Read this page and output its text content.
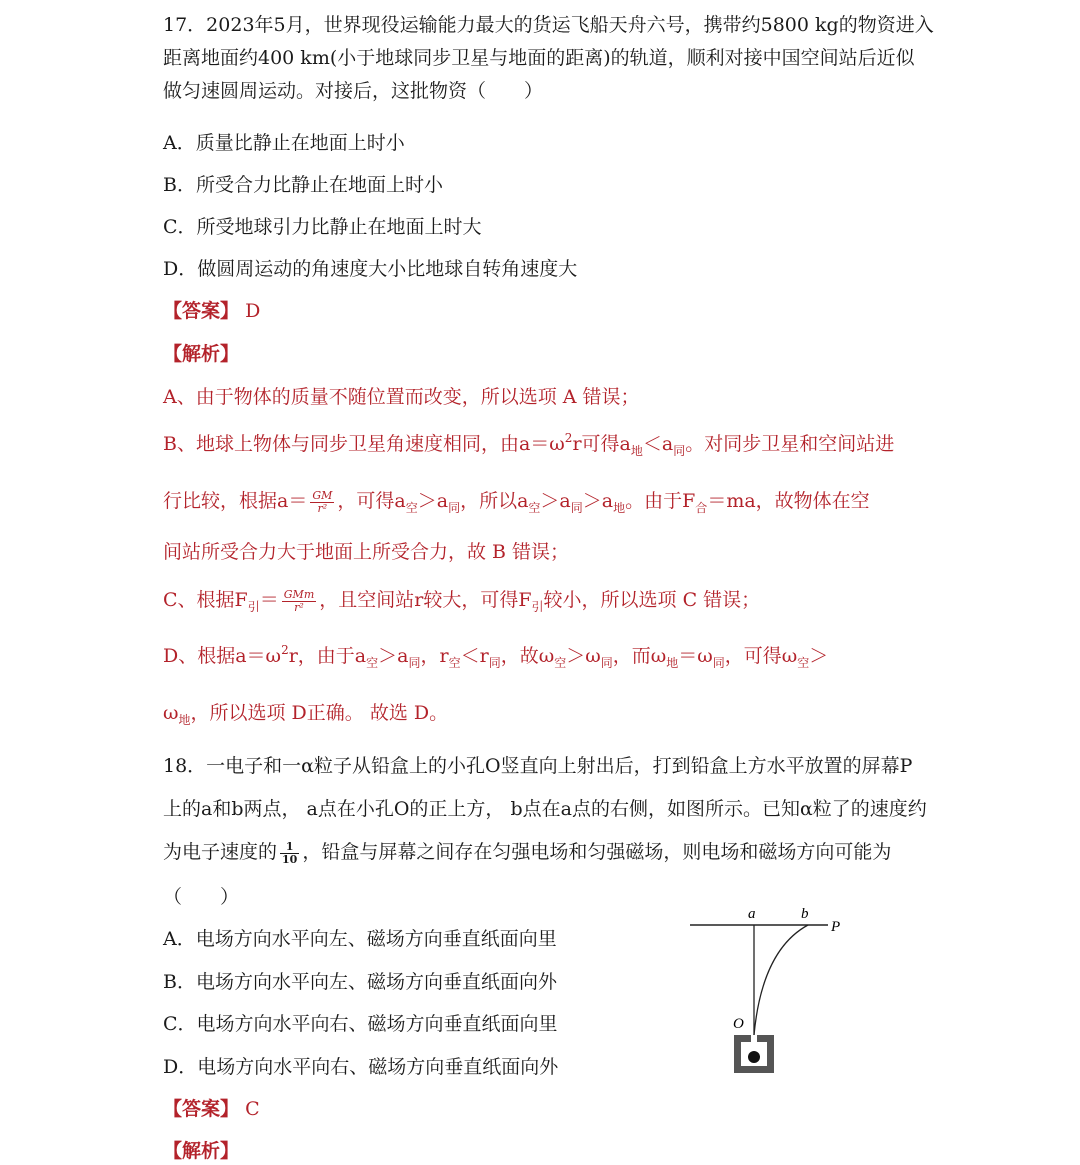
17．2023年5月，世界现役运输能力最大的货运飞船天舟六号，携带约5800 kg的物资进入
距离地面约400 km(小于地球同步卫星与地面的距离)的轨道，顺利对接中国空间站后近似
做匀速圆周运动。对接后，这批物资（　　）
A．质量比静止在地面上时小
B．所受合力比静止在地面上时小
C．所受地球引力比静止在地面上时大
D．做圆周运动的角速度大小比地球自转角速度大
【答案】 D
【解析】
A、由于物体的质量不随位置而改变，所以选项 A 错误；
B、地球上物体与同步卫星角速度相同，由$a=\omega^2r$可得$a_地<a_同$。对同步卫星和空间站进
行比较，根据$a= \frac{GM}{\text{r²}}$ ，可得$a_空>a_同$，所以$a_空>a_同>a_地$。由于$F_合=ma$，故物体在空
间站所受合力大于地面上所受合力，故 B 错误；
C、根据$F_引= \frac{\text{GMm}}{\text{r²}}$ ，且空间站r较大，可得$F_引$较小，所以选项 C 错误；
D、根据$a=\omega^2r$，由于$a_空>a_同$，$r_空<r_同$，故$\omega_空>\omega_同$，而$\omega_地=\omega_同$，可得$\omega_空>$
$\omega_地$，所以选项 D正确。 故选 D。
18．一电子和一α粒子从铅盒上的小孔O竖直向上射出后，打到铅盒上方水平放置的屏幕P
上的a和b两点， a点在小孔O的正上方， b点在a点的右侧，如图所示。已知α粒了的速度约
为电子速度的 $\frac{1}{10}$ ，铅盒与屏幕之间存在匀强电场和匀强磁场，则电场和磁场方向可能为
（　　）
A．电场方向水平向左、磁场方向垂直纸面向里
B．电场方向水平向左、磁场方向垂直纸面向外
C．电场方向水平向右、磁场方向垂直纸面向里
D．电场方向水平向右、磁场方向垂直纸面向外
【答案】 C
【解析】
a	b
P
O
